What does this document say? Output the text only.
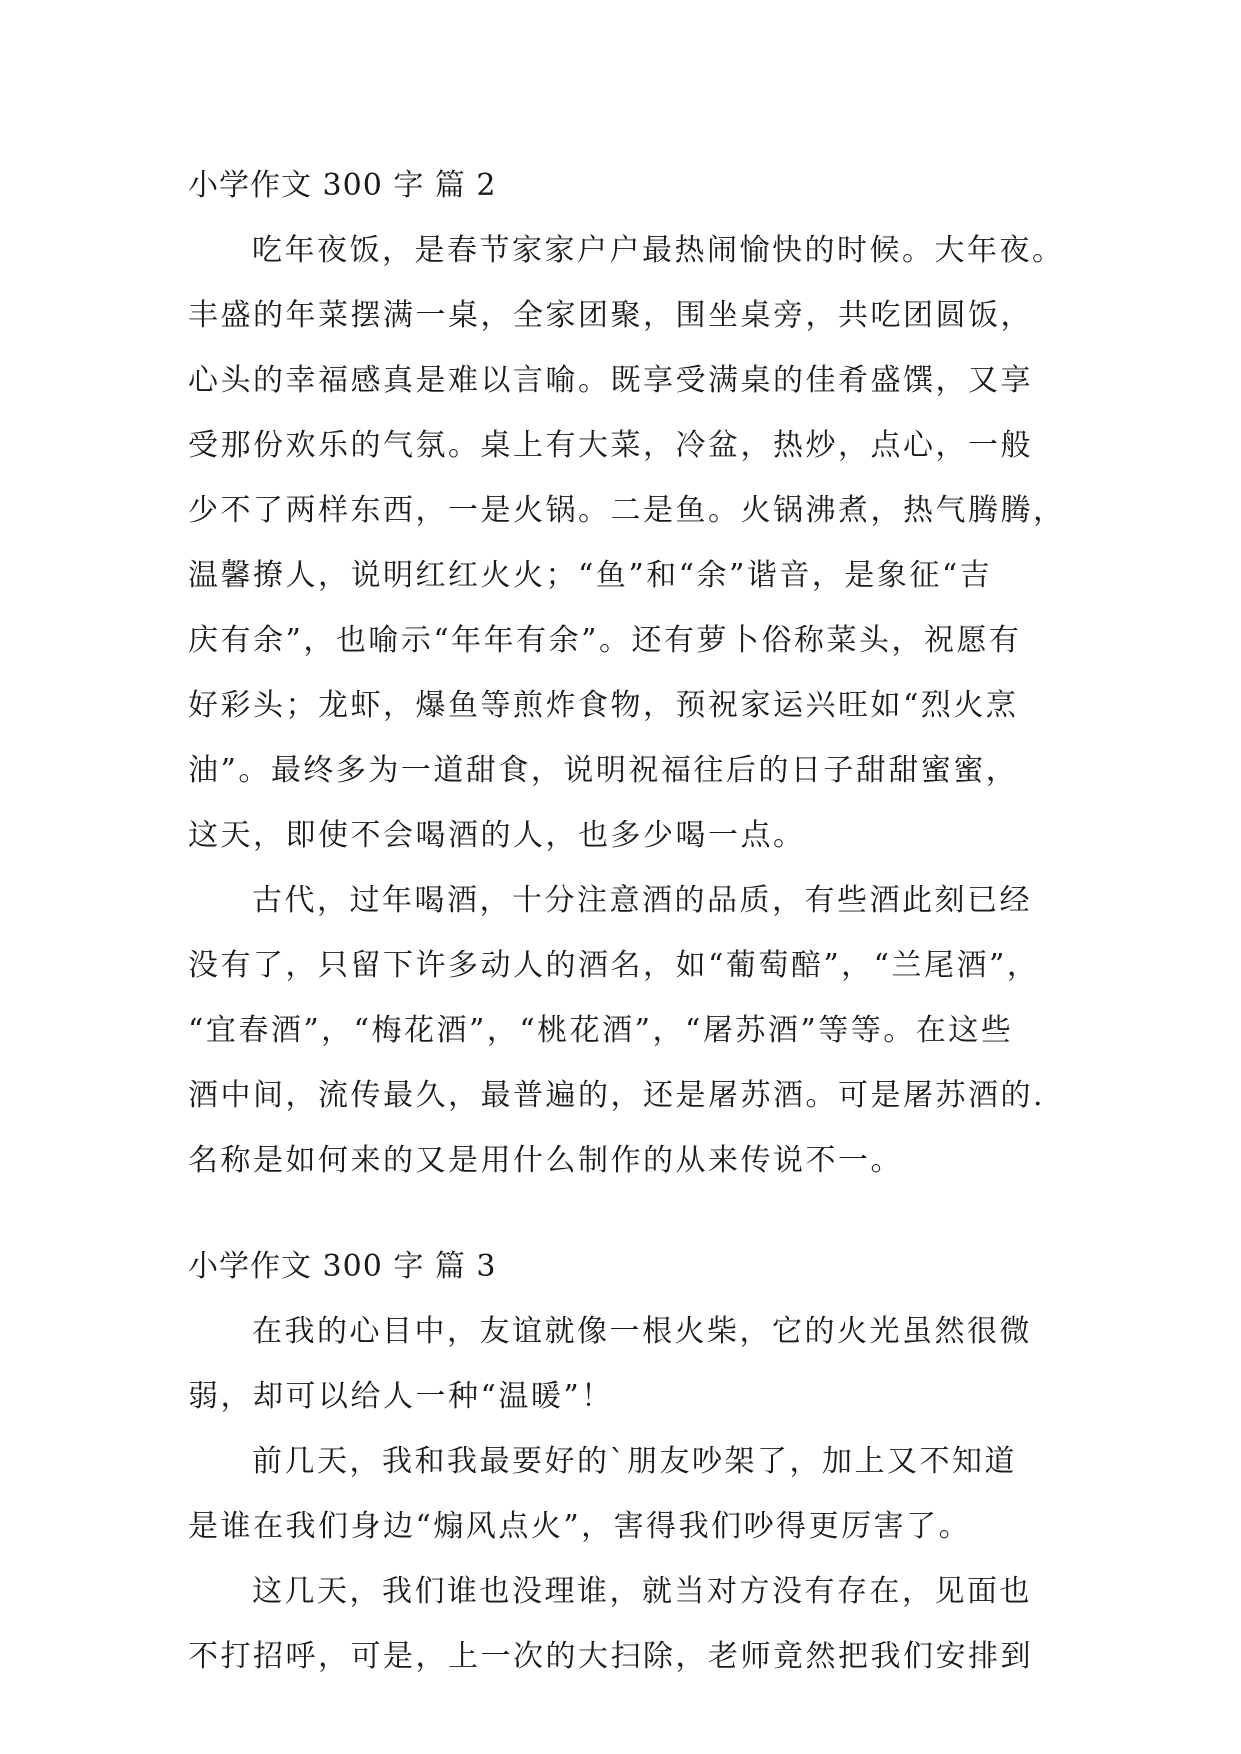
小学作文 300 字 篇 2
吃年夜饭，是春节家家户户最热闹愉快的时候。大年夜。
丰盛的年菜摆满一桌，全家团聚，围坐桌旁，共吃团圆饭，
心头的幸福感真是难以言喻。既享受满桌的佳肴盛馔，又享
受那份欢乐的气氛。桌上有大菜，冷盆，热炒，点心，一般
少不了两样东西，一是火锅。二是鱼。火锅沸煮，热气腾腾，
温馨撩人，说明红红火火；“鱼”和“余”谐音，是象征“吉
庆有余”，也喻示“年年有余”。还有萝卜俗称菜头，祝愿有
好彩头；龙虾，爆鱼等煎炸食物，预祝家运兴旺如“烈火烹
油”。最终多为一道甜食，说明祝福往后的日子甜甜蜜蜜，
这天，即使不会喝酒的人，也多少喝一点。
古代，过年喝酒，十分注意酒的品质，有些酒此刻已经
没有了，只留下许多动人的酒名，如“葡萄醅”，“兰尾酒”，
“宜春酒”，“梅花酒”，“桃花酒”，“屠苏酒”等等。在这些
酒中间，流传最久，最普遍的，还是屠苏酒。可是屠苏酒的.
名称是如何来的又是用什么制作的从来传说不一。
小学作文 300 字 篇 3
在我的心目中，友谊就像一根火柴，它的火光虽然很微
弱，却可以给人一种“温暖”！
前几天，我和我最要好的`朋友吵架了，加上又不知道
是谁在我们身边“煽风点火”，害得我们吵得更厉害了。
这几天，我们谁也没理谁，就当对方没有存在，见面也
不打招呼，可是，上一次的大扫除，老师竟然把我们安排到
